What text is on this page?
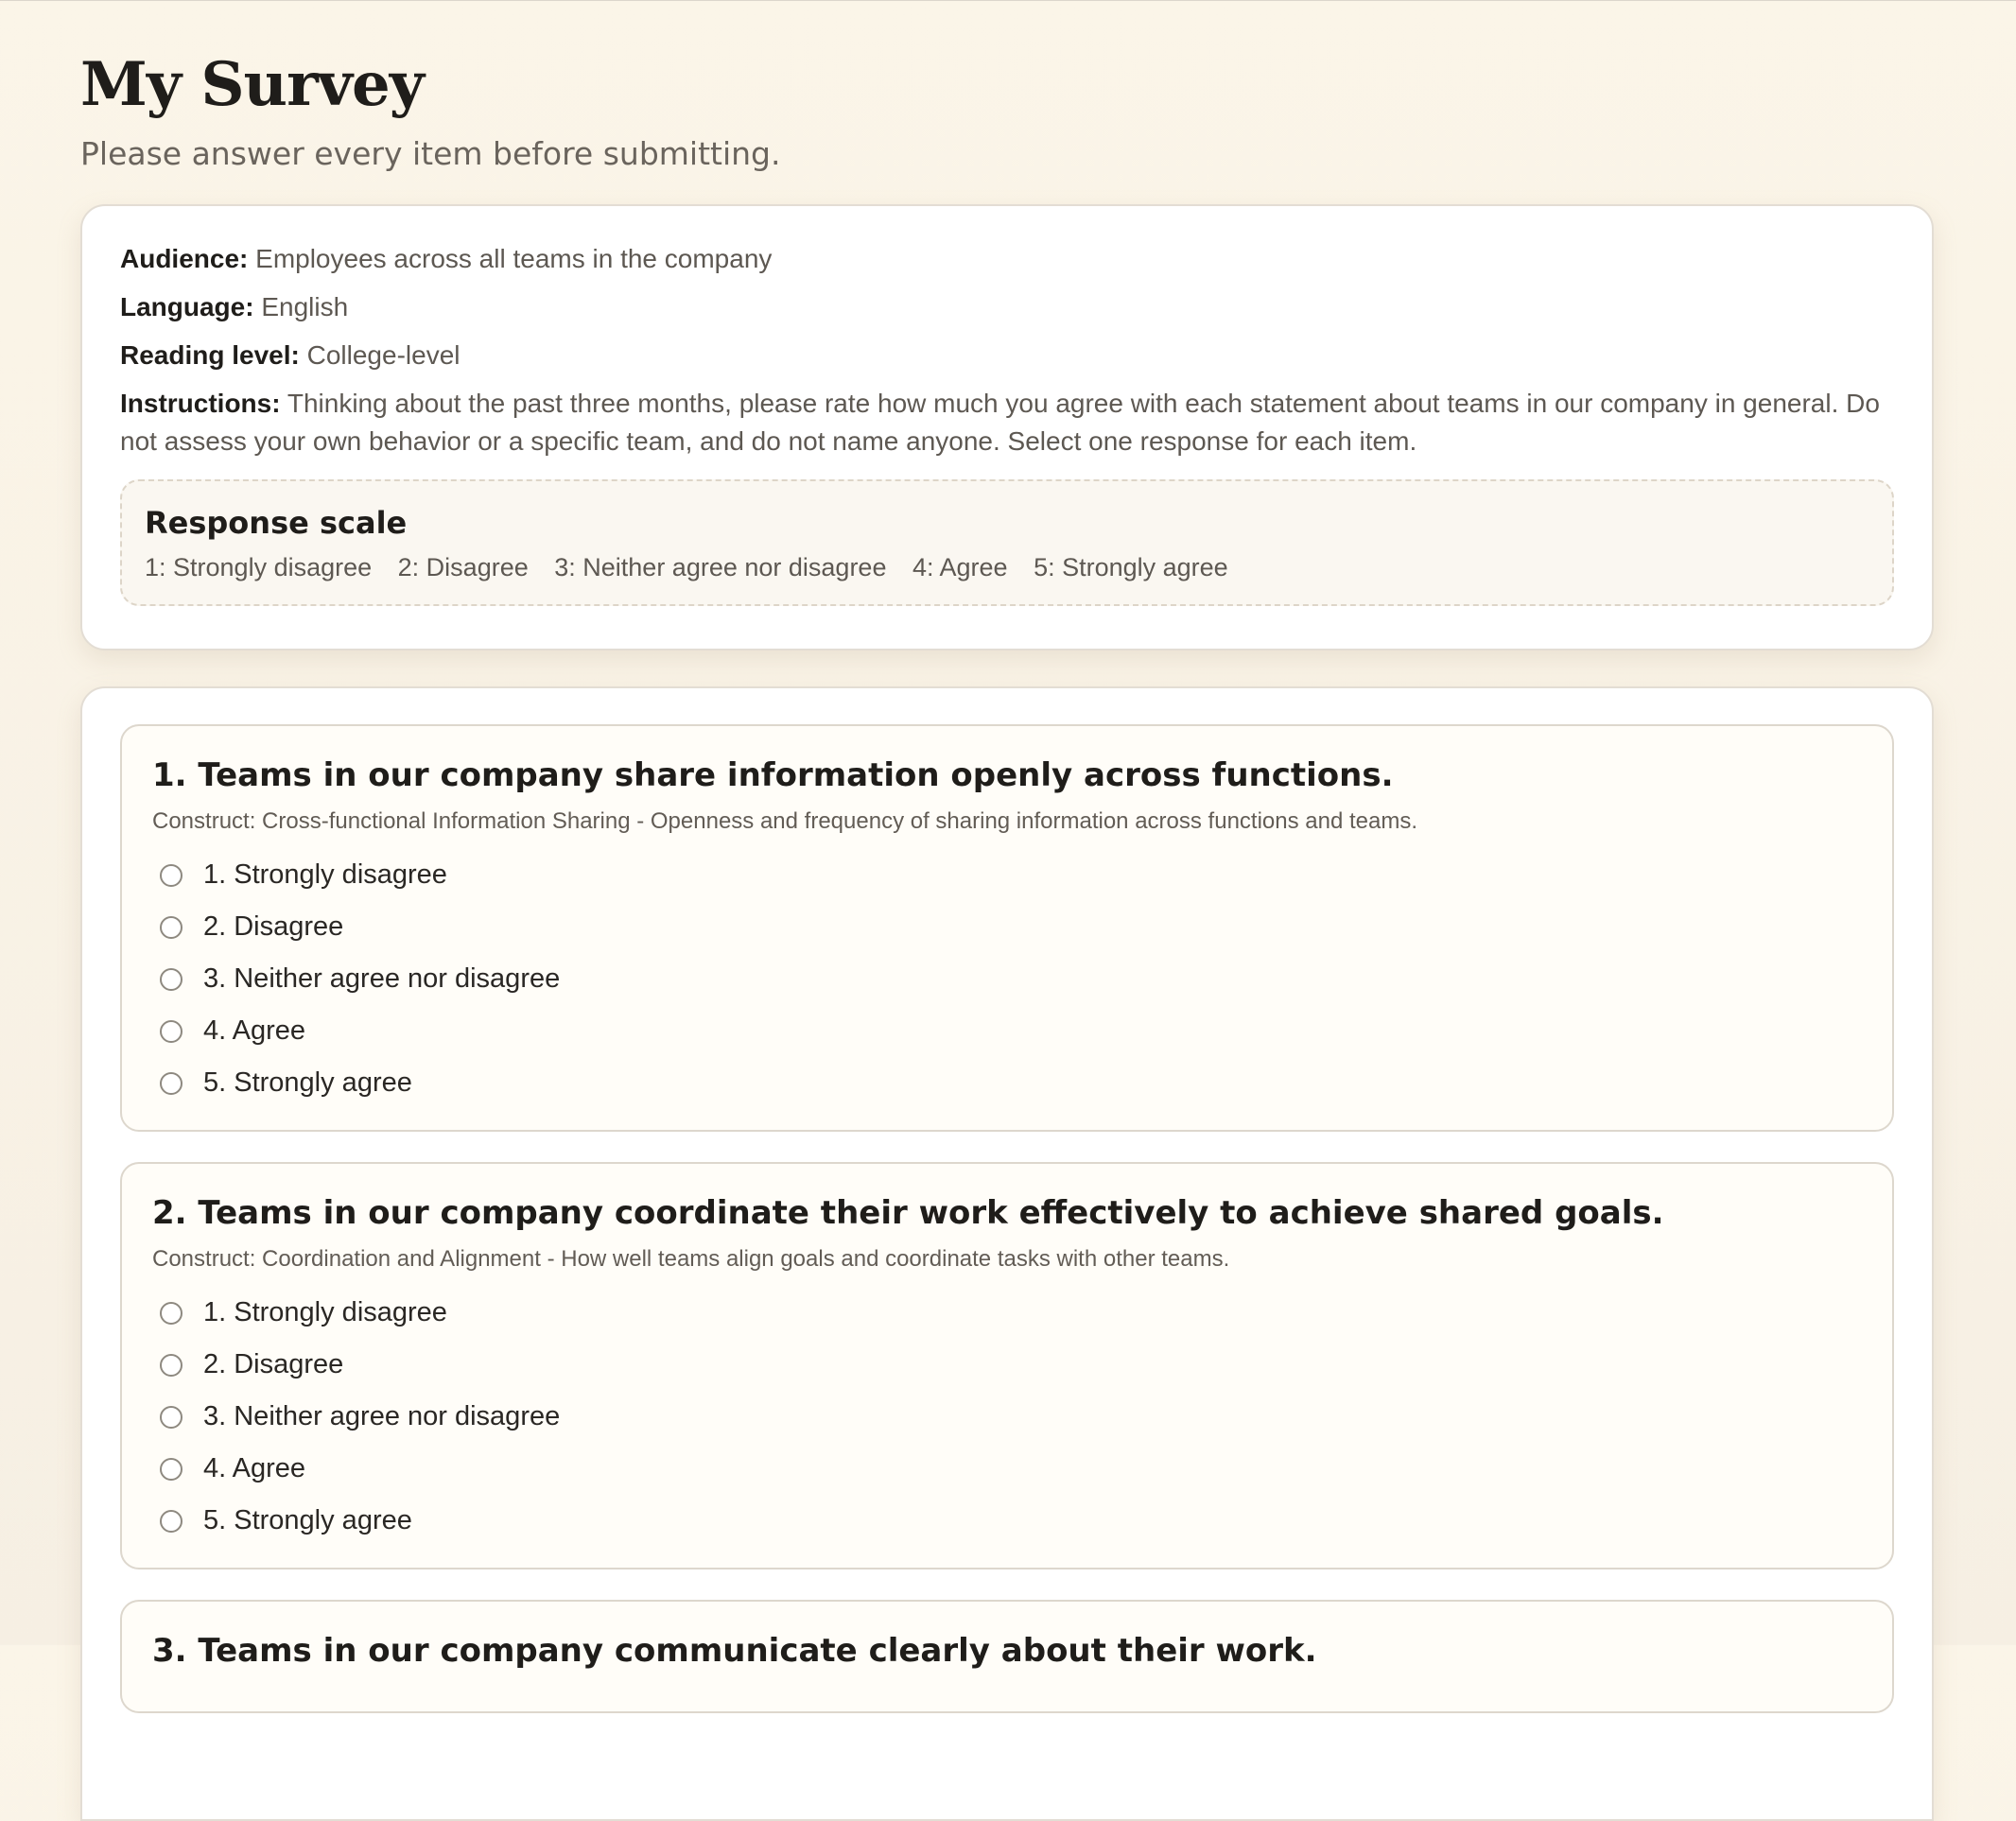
My Survey
Please answer every item before submitting.
Audience: Employees across all teams in the company
Language: English
Reading level: College-level
Instructions: Thinking about the past three months, please rate how much you agree with each statement about teams in our company in general. Do not assess your own behavior or a specific team, and do not name anyone. Select one response for each item.
Response scale
1: Strongly disagree 2: Disagree 3: Neither agree nor disagree 4: Agree 5: Strongly agree
1. Teams in our company share information openly across functions.
Construct: Cross-functional Information Sharing - Openness and frequency of sharing information across functions and teams.
1. Strongly disagree
2. Disagree
3. Neither agree nor disagree
4. Agree
5. Strongly agree
2. Teams in our company coordinate their work effectively to achieve shared goals.
Construct: Coordination and Alignment - How well teams align goals and coordinate tasks with other teams.
1. Strongly disagree
2. Disagree
3. Neither agree nor disagree
4. Agree
5. Strongly agree
3. Teams in our company communicate clearly about their work.
